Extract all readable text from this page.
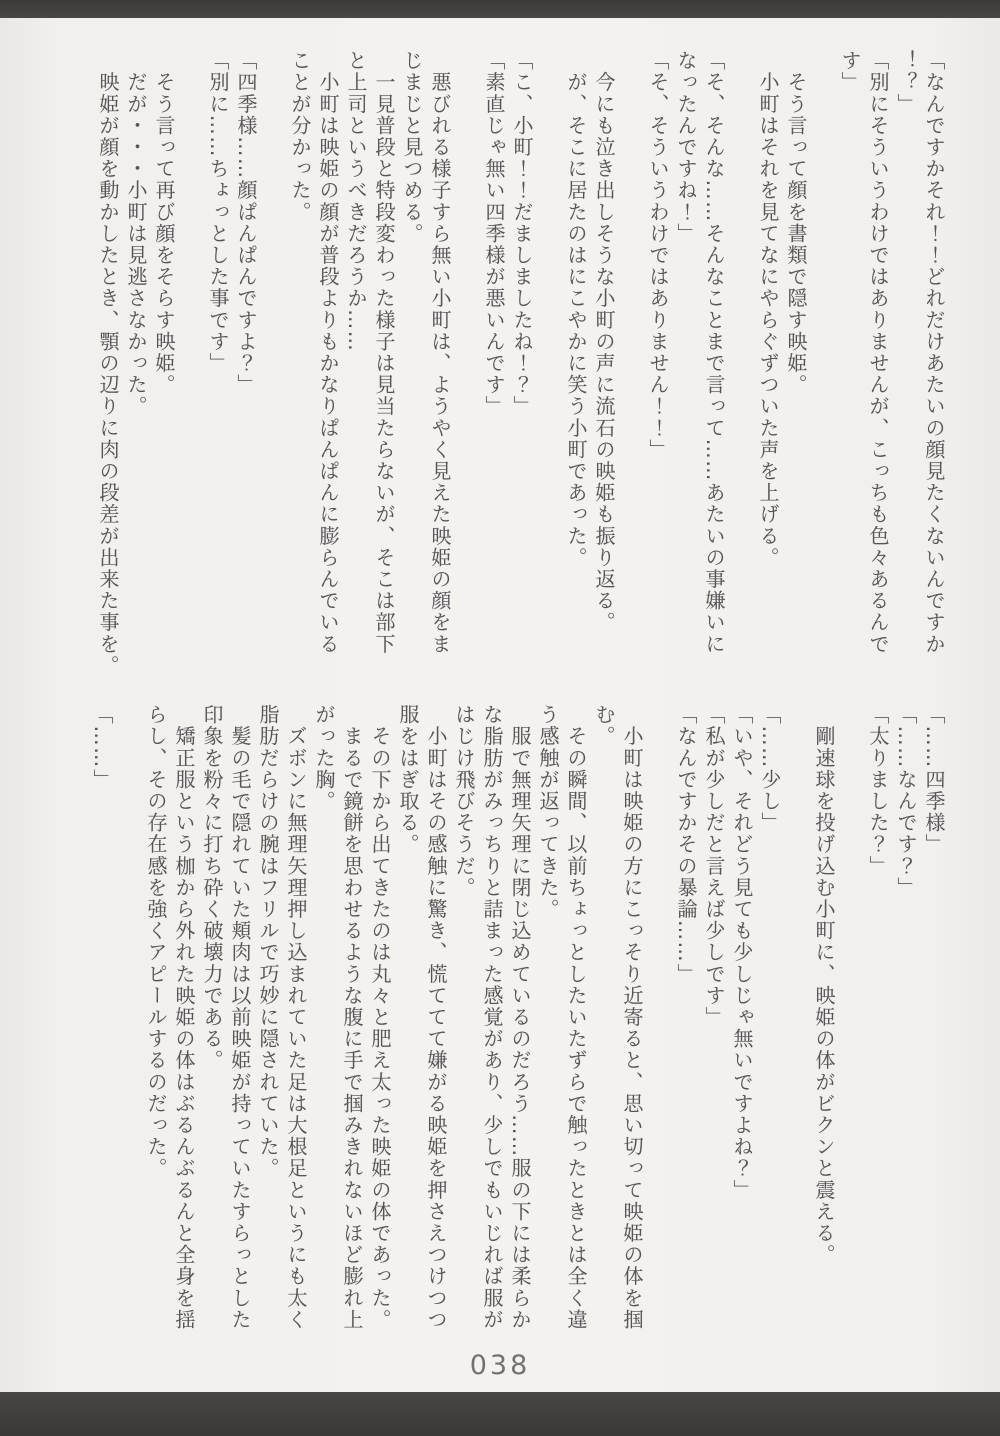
「なんですかそれ！！どれだけあたいの顔見たくないんですか
！？」
「別にそういうわけではありませんが、こっちも色々あるんで
す」
　そう言って顔を書類で隠す映姫。
　小町はそれを見てなにやらぐずついた声を上げる。
「そ、そんな……そんなことまで言って……あたいの事嫌いに
なったんですね！」
「そ、そういうわけではありません！！」
　今にも泣き出しそうな小町の声に流石の映姫も振り返る。
　が、そこに居たのはにこやかに笑う小町であった。
「こ、小町！！だましましたね！？」
「素直じゃ無い四季様が悪いんです」
　悪びれる様子すら無い小町は、ようやく見えた映姫の顔をま
じまじと見つめる。
　一見普段と特段変わった様子は見当たらないが、そこは部下
と上司というべきだろうか……
　小町は映姫の顔が普段よりもかなりぱんぱんに膨らんでいる
ことが分かった。
「四季様……顔ぱんぱんですよ？」
「別に……ちょっとした事です」
　そう言って再び顔をそらす映姫。
　だが・・・小町は見逃さなかった。
　映姫が顔を動かしたとき、顎の辺りに肉の段差が出来た事を。
「……四季様」
「……なんです？」
「太りました？」
　剛速球を投げ込む小町に、映姫の体がビクンと震える。
「……少し」
「いや、それどう見ても少しじゃ無いですよね？」
「私が少しだと言えば少しです」
「なんですかその暴論……」
　小町は映姫の方にこっそり近寄ると、思い切って映姫の体を掴
む。
　その瞬間、以前ちょっとしたいたずらで触ったときとは全く違
う感触が返ってきた。
　服で無理矢理に閉じ込めているのだろう……服の下には柔らか
な脂肪がみっちりと詰まった感覚があり、少しでもいじれば服が
はじけ飛びそうだ。
　小町はその感触に驚き、慌ててて嫌がる映姫を押さえつけつつ
服をはぎ取る。
　その下から出てきたのは丸々と肥え太った映姫の体であった。
　まるで鏡餅を思わせるような腹に手で掴みきれないほど膨れ上
がった胸。
　ズボンに無理矢理押し込まれていた足は大根足というにも太く
脂肪だらけの腕はフリルで巧妙に隠されていた。
　髪の毛で隠れていた頬肉は以前映姫が持っていたすらっとした
印象を粉々に打ち砕く破壊力である。
　矯正服という枷から外れた映姫の体はぶるんぶるんと全身を揺
らし、その存在感を強くアピールするのだった。
「……」
038
